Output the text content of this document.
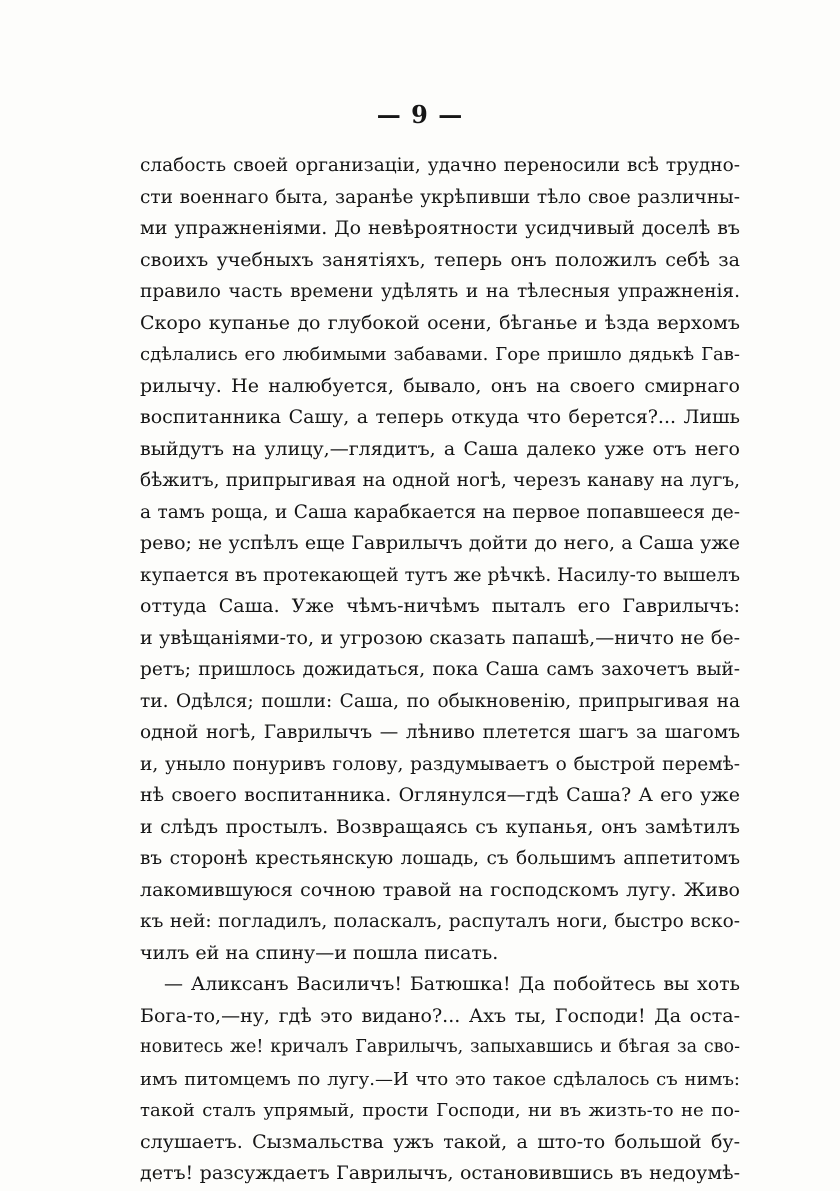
— 9 —
слабость своей организаціи, удачно переносили всѣ трудно-
сти военнаго быта, заранѣе укрѣпивши тѣло свое различны-
ми упражненіями. До невѣроятности усидчивый доселѣ въ
своихъ учебныхъ занятіяхъ, теперь онъ положилъ себѣ за
правило часть времени удѣлять и на тѣлесныя упражненія.
Скоро купанье до глубокой осени, бѣганье и ѣзда верхомъ
сдѣлались его любимыми забавами. Горе пришло дядькѣ Гав-
рилычу. Не налюбуется, бывало, онъ на своего смирнаго
воспитанника Сашу, а теперь откуда что берется?... Лишь
выйдутъ на улицу,—глядитъ, а Саша далеко уже отъ него
бѣжитъ, припрыгивая на одной ногѣ, черезъ канаву на лугъ,
а тамъ роща, и Саша карабкается на первое попавшееся де-
рево; не успѣлъ еще Гаврилычъ дойти до него, а Саша уже
купается въ протекающей тутъ же рѣчкѣ. Насилу-то вышелъ
оттуда Саша. Уже чѣмъ-ничѣмъ пыталъ его Гаврилычъ:
и увѣщаніями-то, и угрозою сказать папашѣ,—ничто не бе-
ретъ; пришлось дожидаться, пока Саша самъ захочетъ вый-
ти. Одѣлся; пошли: Саша, по обыкновенію, припрыгивая на
одной ногѣ, Гаврилычъ — лѣниво плетется шагъ за шагомъ
и, уныло понуривъ голову, раздумываетъ о быстрой перемѣ-
нѣ своего воспитанника. Оглянулся—гдѣ Саша? А его уже
и слѣдъ простылъ. Возвращаясь съ купанья, онъ замѣтилъ
въ сторонѣ крестьянскую лошадь, съ большимъ аппетитомъ
лакомившуюся сочною травой на господскомъ лугу. Живо
къ ней: погладилъ, поласкалъ, распуталъ ноги, быстро вско-
чилъ ей на спину—и пошла писать.
— Аликсанъ Василичъ! Батюшка! Да побойтесь вы хоть
Бога-то,—ну, гдѣ это видано?... Ахъ ты, Господи! Да оста-
новитесь же! кричалъ Гаврилычъ, запыхавшись и бѣгая за сво-
имъ питомцемъ по лугу.—И что это такое сдѣлалось съ нимъ:
такой сталъ упрямый, прости Господи, ни въ жизть-то не по-
слушаетъ. Сызмальства ужъ такой, а што-то большой бу-
детъ! разсуждаетъ Гаврилычъ, остановившись въ недоумѣ-
